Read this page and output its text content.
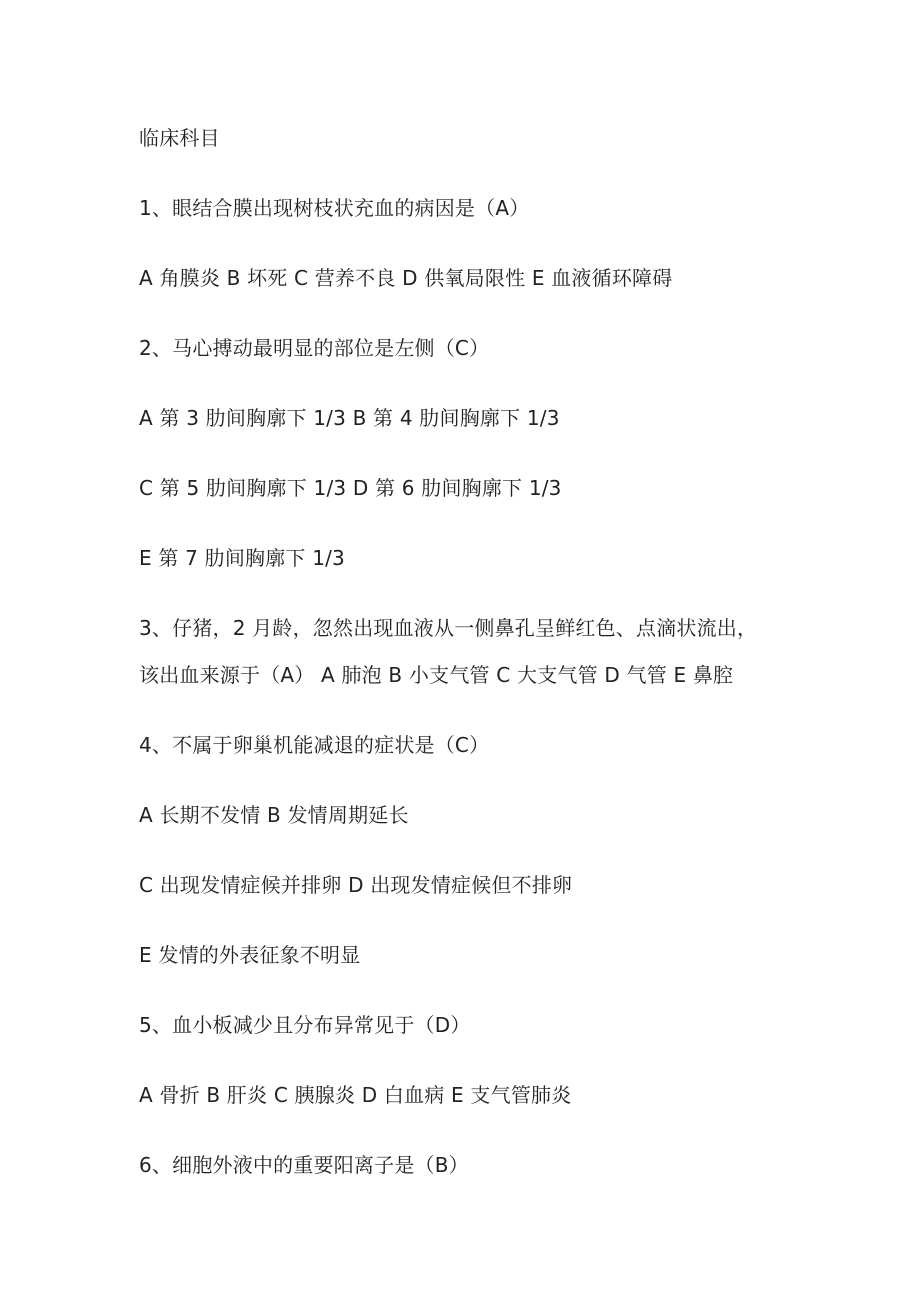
临床科目
1、眼结合膜出现树枝状充血的病因是（A）
A 角膜炎 B 坏死 C 营养不良 D 供氧局限性 E 血液循环障碍
2、马心搏动最明显的部位是左侧（C）
A 第 3 肋间胸廓下 1/3 B 第 4 肋间胸廓下 1/3
C 第 5 肋间胸廓下 1/3 D 第 6 肋间胸廓下 1/3
E 第 7 肋间胸廓下 1/3
3、仔猪，2 月龄，忽然出现血液从一侧鼻孔呈鲜红色、点滴状流出，
该出血来源于（A） A 肺泡 B 小支气管 C 大支气管 D 气管 E 鼻腔
4、不属于卵巢机能减退的症状是（C）
A 长期不发情 B 发情周期延长
C 出现发情症候并排卵 D 出现发情症候但不排卵
E 发情的外表征象不明显
5、血小板减少且分布异常见于（D）
A 骨折 B 肝炎 C 胰腺炎 D 白血病 E 支气管肺炎
6、细胞外液中的重要阳离子是（B）
